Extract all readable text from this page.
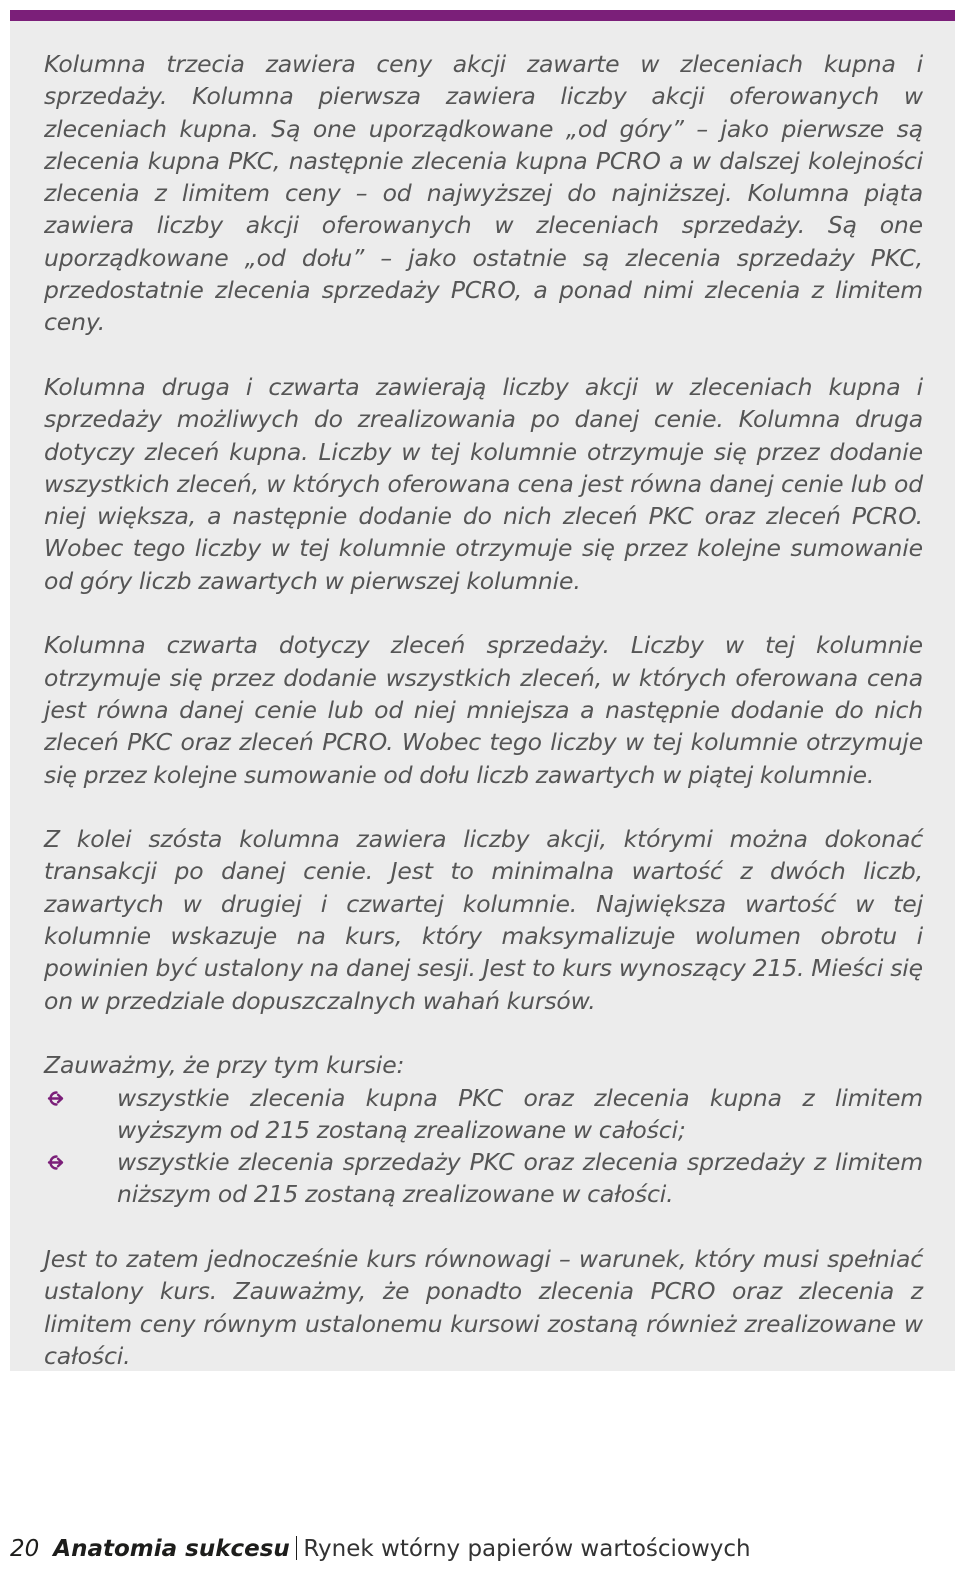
Kolumna trzecia zawiera ceny akcji zawarte w zleceniach kupna i sprzedaży. Kolumna pierwsza zawiera liczby akcji oferowanych w zleceniach kupna. Są one uporządkowane „od góry” – jako pierwsze są zlecenia kupna PKC, następnie zlecenia kupna PCRO a w dalszej kolejności zlecenia z limitem ceny – od najwyższej do najniższej. Kolumna piąta zawiera liczby akcji oferowanych w zleceniach sprzedaży. Są one uporządkowane „od dołu” – jako ostatnie są zlecenia sprzedaży PKC, przedostatnie zlecenia sprzedaży PCRO, a ponad nimi zlecenia z limitem ceny.

Kolumna druga i czwarta zawierają liczby akcji w zleceniach kupna i sprzedaży możliwych do zrealizowania po danej cenie. Kolumna druga dotyczy zleceń kupna. Liczby w tej kolumnie otrzymuje się przez dodanie wszystkich zleceń, w których oferowana cena jest równa danej cenie lub od niej większa, a następnie dodanie do nich zleceń PKC oraz zleceń PCRO. Wobec tego liczby w tej kolumnie otrzymuje się przez kolejne sumowanie od góry liczb zawartych w pierwszej kolumnie.

Kolumna czwarta dotyczy zleceń sprzedaży. Liczby w tej kolumnie otrzymuje się przez dodanie wszystkich zleceń, w których oferowana cena jest równa danej cenie lub od niej mniejsza a następnie dodanie do nich zleceń PKC oraz zleceń PCRO. Wobec tego liczby w tej kolumnie otrzymuje się przez kolejne sumowanie od dołu liczb zawartych w piątej kolumnie.

Z kolei szósta kolumna zawiera liczby akcji, którymi można dokonać transakcji po danej cenie. Jest to minimalna wartość z dwóch liczb, zawartych w drugiej i czwartej kolumnie. Największa wartość w tej kolumnie wskazuje na kurs, który maksymalizuje wolumen obrotu i powinien być ustalony na danej sesji. Jest to kurs wynoszący 215. Mieści się on w przedziale dopuszczalnych wahań kursów.

Zauważmy, że przy tym kursie:

wszystkie zlecenia kupna PKC oraz zlecenia kupna z limitem wyższym od 215 zostaną zrealizowane w całości;
wszystkie zlecenia sprzedaży PKC oraz zlecenia sprzedaży z limitem niższym od 215 zostaną zrealizowane w całości.

Jest to zatem jednocześnie kurs równowagi – warunek, który musi spełniać ustalony kurs. Zauważmy, że ponadto zlecenia PCRO oraz zlecenia z limitem ceny równym ustalonemu kursowi zostaną również zrealizowane w całości.

20 Anatomia sukcesu Rynek wtórny papierów wartościowych
